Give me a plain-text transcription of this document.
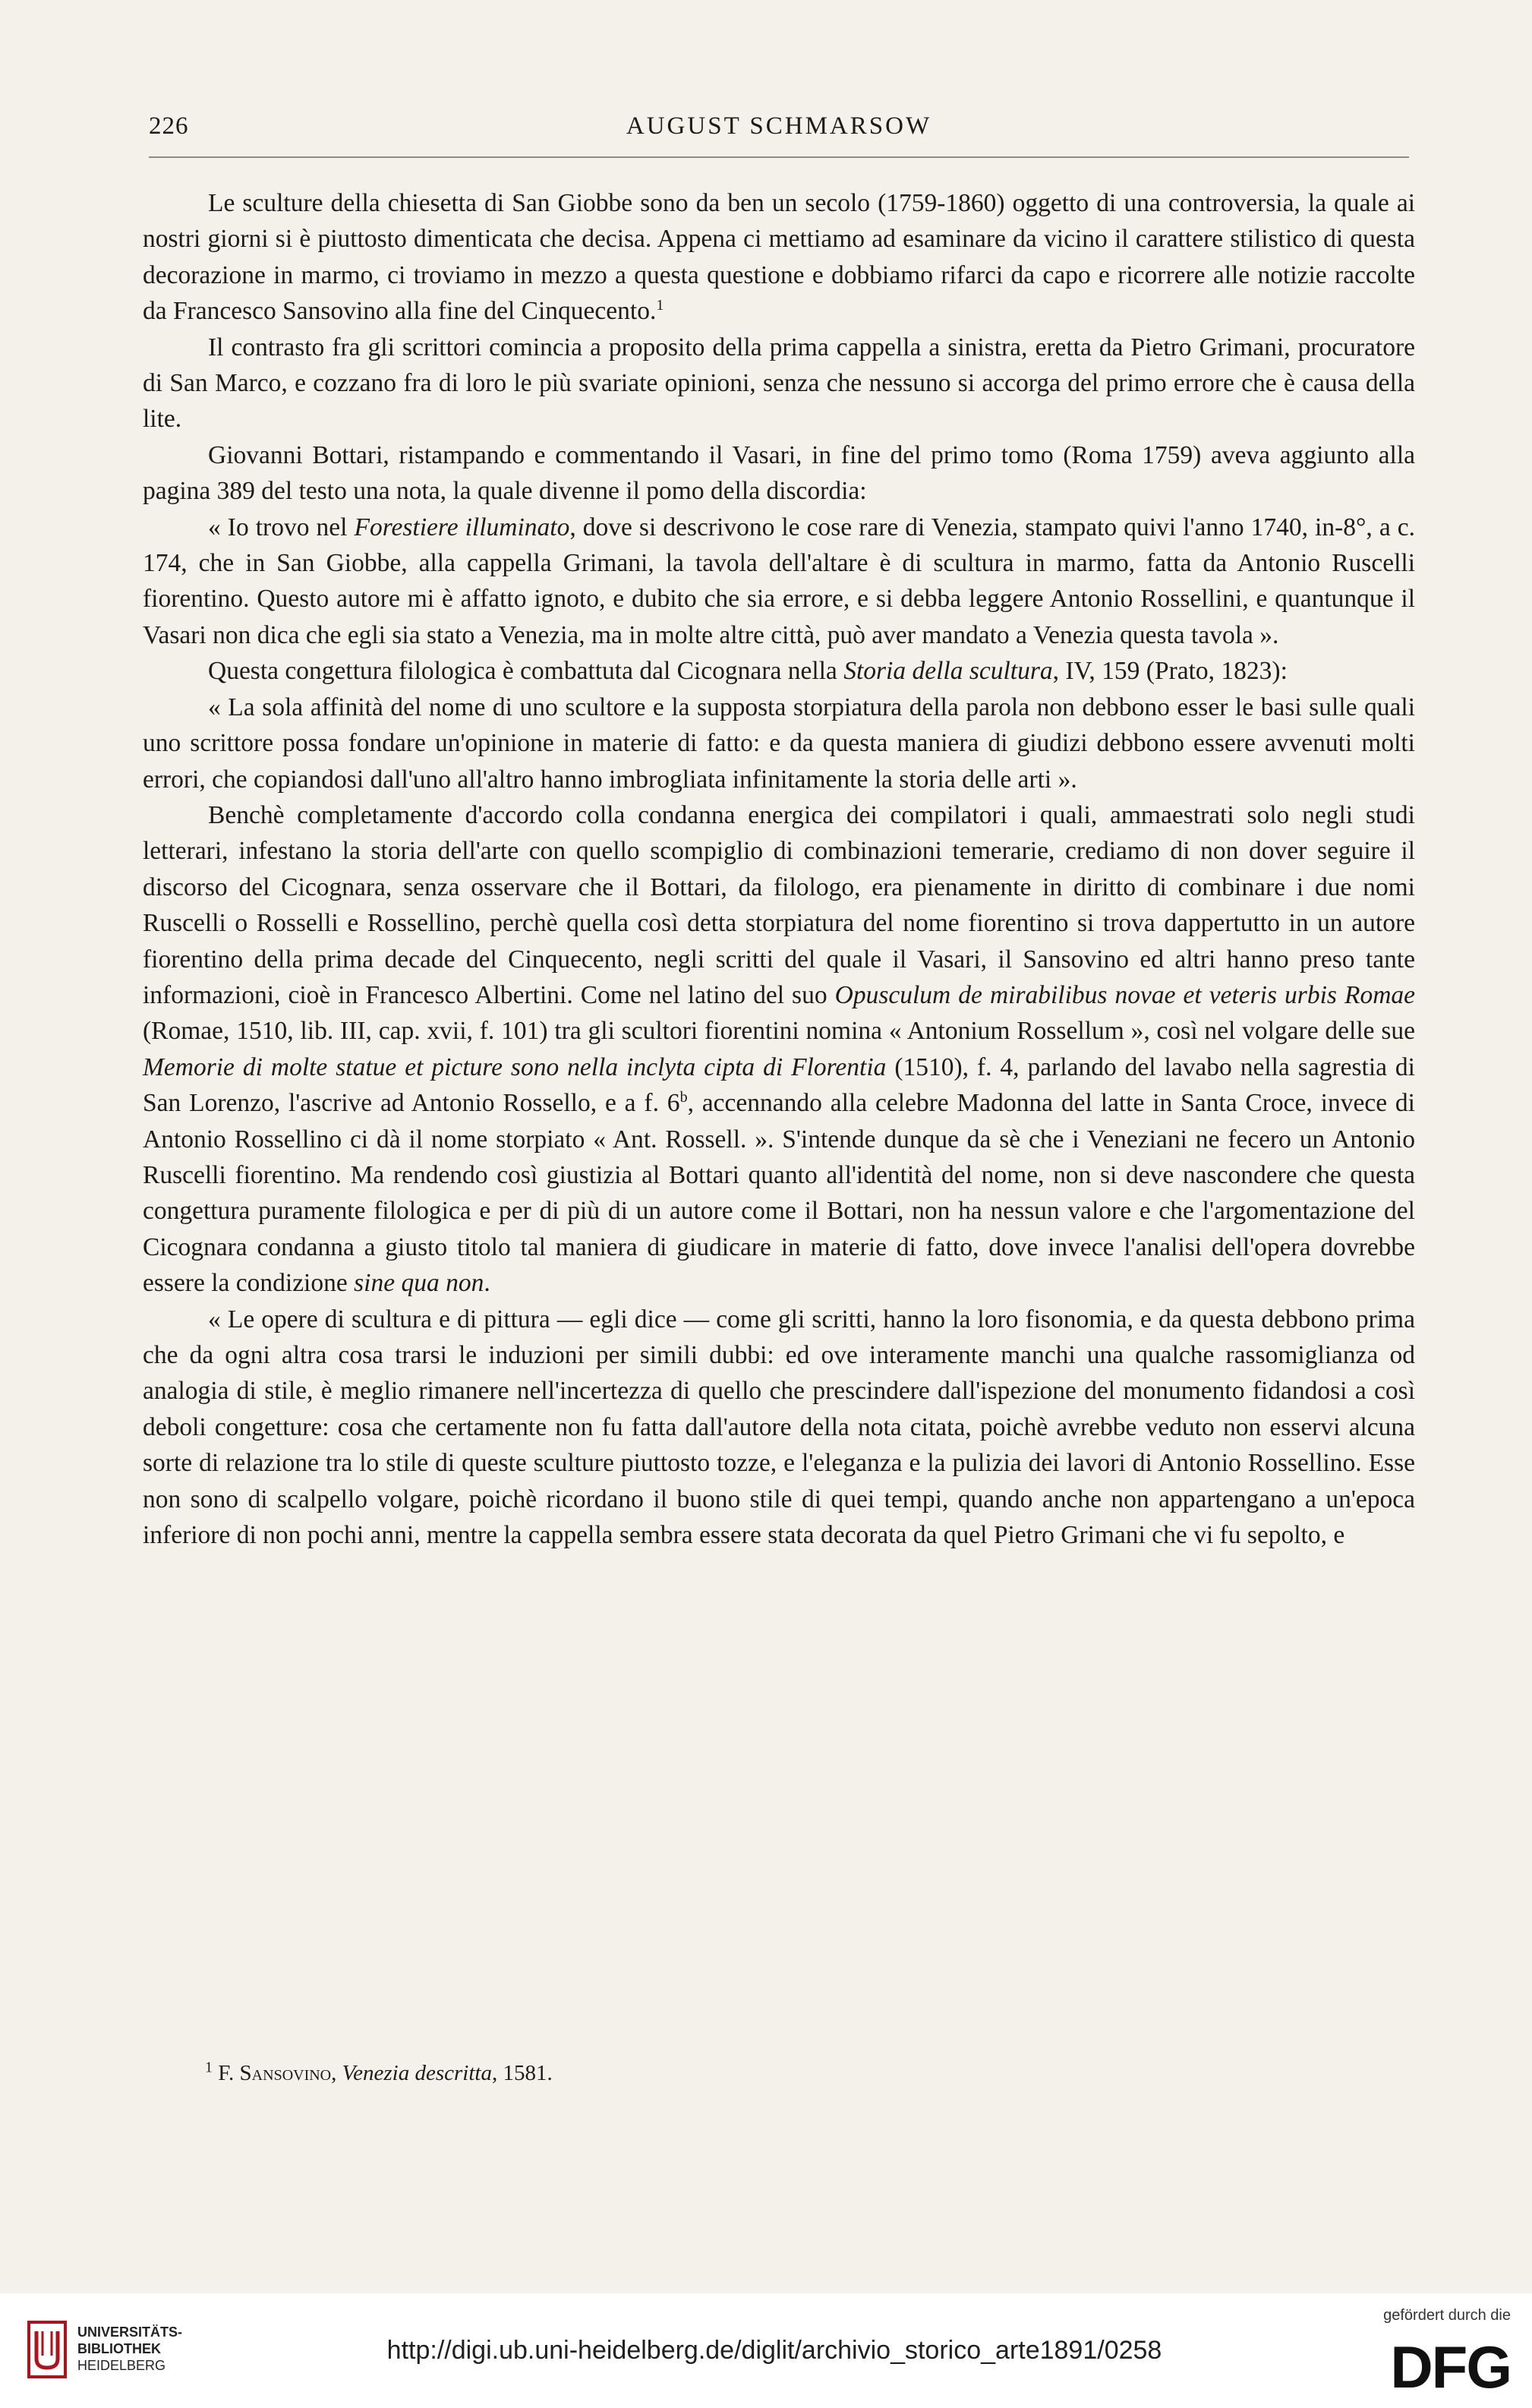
226	AUGUST SCHMARSOW

Le sculture della chiesetta di San Giobbe sono da ben un secolo (1759-1860) oggetto di una controversia, la quale ai nostri giorni si è piuttosto dimenticata che decisa. Appena ci mettiamo ad esaminare da vicino il carattere stilistico di questa decorazione in marmo, ci troviamo in mezzo a questa questione e dobbiamo rifarci da capo e ricorrere alle notizie raccolte da Francesco Sansovino alla fine del Cinquecento.$^1$

Il contrasto fra gli scrittori comincia a proposito della prima cappella a sinistra, eretta da Pietro Grimani, procuratore di San Marco, e cozzano fra di loro le più svariate opinioni, senza che nessuno si accorga del primo errore che è causa della lite.

Giovanni Bottari, ristampando e commentando il Vasari, in fine del primo tomo (Roma 1759) aveva aggiunto alla pagina 389 del testo una nota, la quale divenne il pomo della discordia:

« Io trovo nel Forestiere illuminato, dove si descrivono le cose rare di Venezia, stampato quivi l'anno 1740, in-8°, a c. 174, che in San Giobbe, alla cappella Grimani, la tavola dell'altare è di scultura in marmo, fatta da Antonio Ruscelli fiorentino. Questo autore mi è affatto ignoto, e dubito che sia errore, e si debba leggere Antonio Rossellini, e quantunque il Vasari non dica che egli sia stato a Venezia, ma in molte altre città, può aver mandato a Venezia questa tavola ».

Questa congettura filologica è combattuta dal Cicognara nella Storia della scultura, IV, 159 (Prato, 1823):

« La sola affinità del nome di uno scultore e la supposta storpiatura della parola non debbono esser le basi sulle quali uno scrittore possa fondare un'opinione in materie di fatto: e da questa maniera di giudizi debbono essere avvenuti molti errori, che copiandosi dall'uno all'altro hanno imbrogliata infinitamente la storia delle arti ».

Benchè completamente d'accordo colla condanna energica dei compilatori i quali, ammaestrati solo negli studi letterari, infestano la storia dell'arte con quello scompiglio di combinazioni temerarie, crediamo di non dover seguire il discorso del Cicognara, senza osservare che il Bottari, da filologo, era pienamente in diritto di combinare i due nomi Ruscelli o Rosselli e Rossellino, perchè quella così detta storpiatura del nome fiorentino si trova dappertutto in un autore fiorentino della prima decade del Cinquecento, negli scritti del quale il Vasari, il Sansovino ed altri hanno preso tante informazioni, cioè in Francesco Albertini. Come nel latino del suo Opusculum de mirabilibus novae et veteris urbis Romae (Romae, 1510, lib. III, cap. xvii, f. 101) tra gli scultori fiorentini nomina « Antonium Rossellum », così nel volgare delle sue Memorie di molte statue et picture sono nella inclyta cipta di Florentia (1510), f. 4, parlando del lavabo nella sagrestia di San Lorenzo, l'ascrive ad Antonio Rossello, e a f. 6$^b$, accennando alla celebre Madonna del latte in Santa Croce, invece di Antonio Rossellino ci dà il nome storpiato « Ant. Rossell. ». S'intende dunque da sè che i Veneziani ne fecero un Antonio Ruscelli fiorentino. Ma rendendo così giustizia al Bottari quanto all'identità del nome, non si deve nascondere che questa congettura puramente filologica e per di più di un autore come il Bottari, non ha nessun valore e che l'argomentazione del Cicognara condanna a giusto titolo tal maniera di giudicare in materie di fatto, dove invece l'analisi dell'opera dovrebbe essere la condizione sine qua non.

« Le opere di scultura e di pittura — egli dice — come gli scritti, hanno la loro fisonomia, e da questa debbono prima che da ogni altra cosa trarsi le induzioni per simili dubbi: ed ove interamente manchi una qualche rassomiglianza od analogia di stile, è meglio rimanere nell'incertezza di quello che prescindere dall'ispezione del monumento fidandosi a così deboli congetture: cosa che certamente non fu fatta dall'autore della nota citata, poichè avrebbe veduto non esservi alcuna sorte di relazione tra lo stile di queste sculture piuttosto tozze, e l'eleganza e la pulizia dei lavori di Antonio Rossellino. Esse non sono di scalpello volgare, poichè ricordano il buono stile di quei tempi, quando anche non appartengano a un'epoca inferiore di non pochi anni, mentre la cappella sembra essere stata decorata da quel Pietro Grimani che vi fu sepolto, e

$^1$ F. Sansovino, Venezia descritta, 1581.
UNIVERSITÄTS-
BIBLIOTHEK
HEIDELBERG
http://digi.ub.uni-heidelberg.de/diglit/archivio_storico_arte1891/0258
gefördert durch die
DFG
